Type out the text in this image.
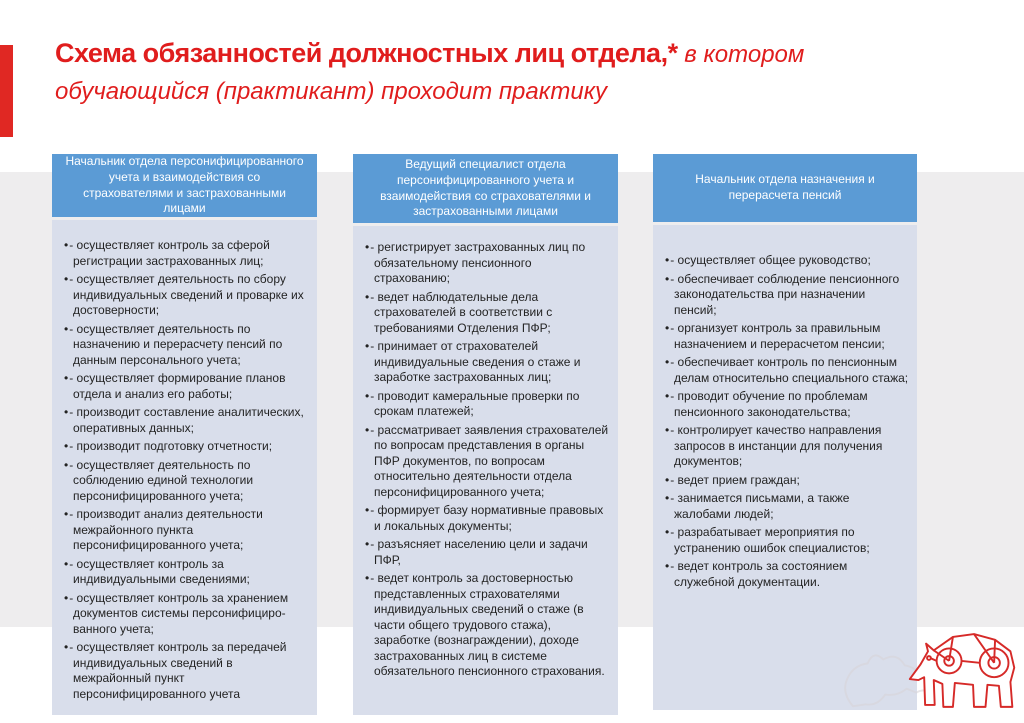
Схема обязанностей должностных лиц отдела,* в котором
обучающийся (практикант) проходит практику
Начальник отдела персонифицированного учета и взаимодействия со страхователями и застрахованными лицами
• - осуществляет контроль за сферой регистрации застрахованных лиц;
• - осуществляет деятельность по сбору индивидуальных сведений и проварке их достоверности;
• - осуществляет деятельность по назначению и перерасчету пенсий по данным персонального учета;
• - осуществляет формирование планов отдела и анализ его работы;
• - производит составление аналитических, оперативных данных;
• - производит подготовку отчетности;
• - осуществляет деятельность по соблюдению единой технологии персонифицированного учета;
• - производит анализ деятельности межрайонного пункта персонифицированного учета;
• - осуществляет контроль за индивидуальными сведениями;
• - осуществляет контроль за хранением документов системы персонифициро-ванного учета;
• - осуществляет контроль за передачей индивидуальных сведений в межрайонный пункт персонифицированного учета
Ведущий специалист отдела персонифицированного учета и взаимодействия со страхователями и застрахованными лицами
• - регистрирует застрахованных лиц по обязательному пенсионного страхованию;
• - ведет наблюдательные дела страхователей в соответствии с требованиями Отделения ПФР;
• - принимает от страхователей индивидуальные сведения о стаже и заработке застрахованных лиц;
• - проводит камеральные проверки по срокам платежей;
• - рассматривает заявления страхователей по вопросам представления в органы ПФР документов, по вопросам относительно деятельности отдела персонифицированного учета;
• - формирует базу нормативные правовых и локальных документы;
• - разъясняет населению цели и задачи ПФР,
• - ведет контроль за достоверностью представленных страхователями индивидуальных сведений о стаже (в части общего трудового стажа), заработке (вознаграждении), доходе застрахованных лиц в системе обязательного пенсионного страхования.
Начальник отдела назначения и перерасчета пенсий
• - осуществляет общее руководство;
• - обеспечивает соблюдение пенсионного законодательства при назначении пенсий;
• - организует контроль за правильным назначением и перерасчетом пенсии;
• - обеспечивает контроль по пенсионным делам относительно специального стажа;
• - проводит обучение по проблемам пенсионного законодательства;
• - контролирует качество направления запросов в инстанции для получения документов;
• - ведет прием граждан;
• - занимается письмами, а также жалобами людей;
• - разрабатывает мероприятия по устранению ошибок специалистов;
• - ведет контроль за состоянием служебной документации.
